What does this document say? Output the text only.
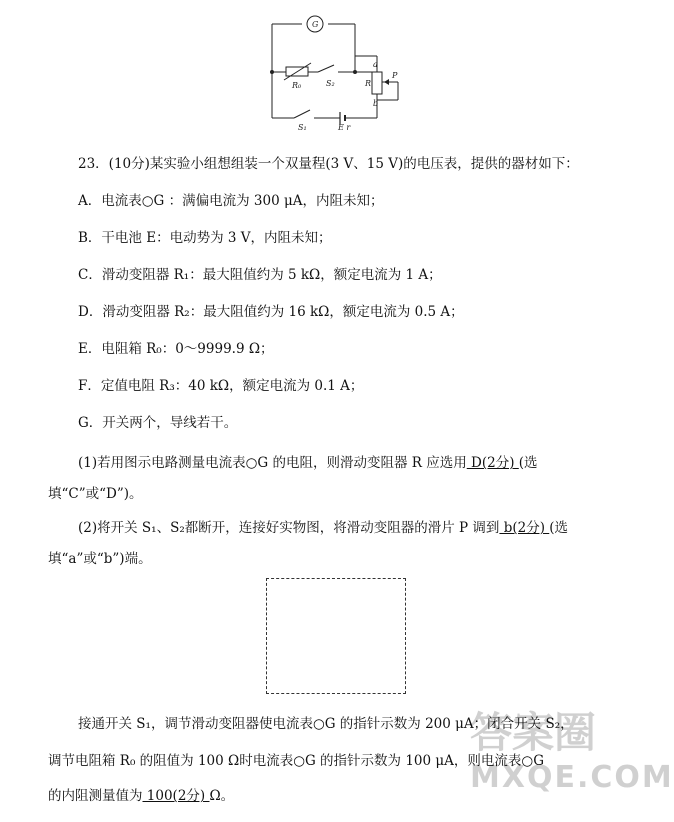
G
R₀	S₂
S₁	E r
R
P
a
b
23．(10分)某实验小组想组装一个双量程(3 V、15 V)的电压表，提供的器材如下：
A．电流表○G ：满偏电流为 300 μA，内阻未知；
B．干电池 E：电动势为 3 V，内阻未知；
C．滑动变阻器 R₁：最大阻值约为 5 kΩ，额定电流为 1 A；
D．滑动变阻器 R₂：最大阻值约为 16 kΩ，额定电流为 0.5 A；
E．电阻箱 R₀：0～9999.9 Ω；
F．定值电阻 R₃：40 kΩ，额定电流为 0.1 A；
G．开关两个，导线若干。
(1)若用图示电路测量电流表○G 的电阻，则滑动变阻器 R 应选用 D(2分) (选
填“C”或“D”)。
(2)将开关 S₁、S₂都断开，连接好实物图，将滑动变阻器的滑片 P 调到 b(2分) (选
填“a”或“b”)端。
接通开关 S₁，调节滑动变阻器使电流表○G 的指针示数为 200 μA；闭合开关 S₂，
调节电阻箱 R₀ 的阻值为 100 Ω时电流表○G 的指针示数为 100 μA，则电流表○G
的内阻测量值为 100(2分) Ω。
答案圈
MXQE.COM
